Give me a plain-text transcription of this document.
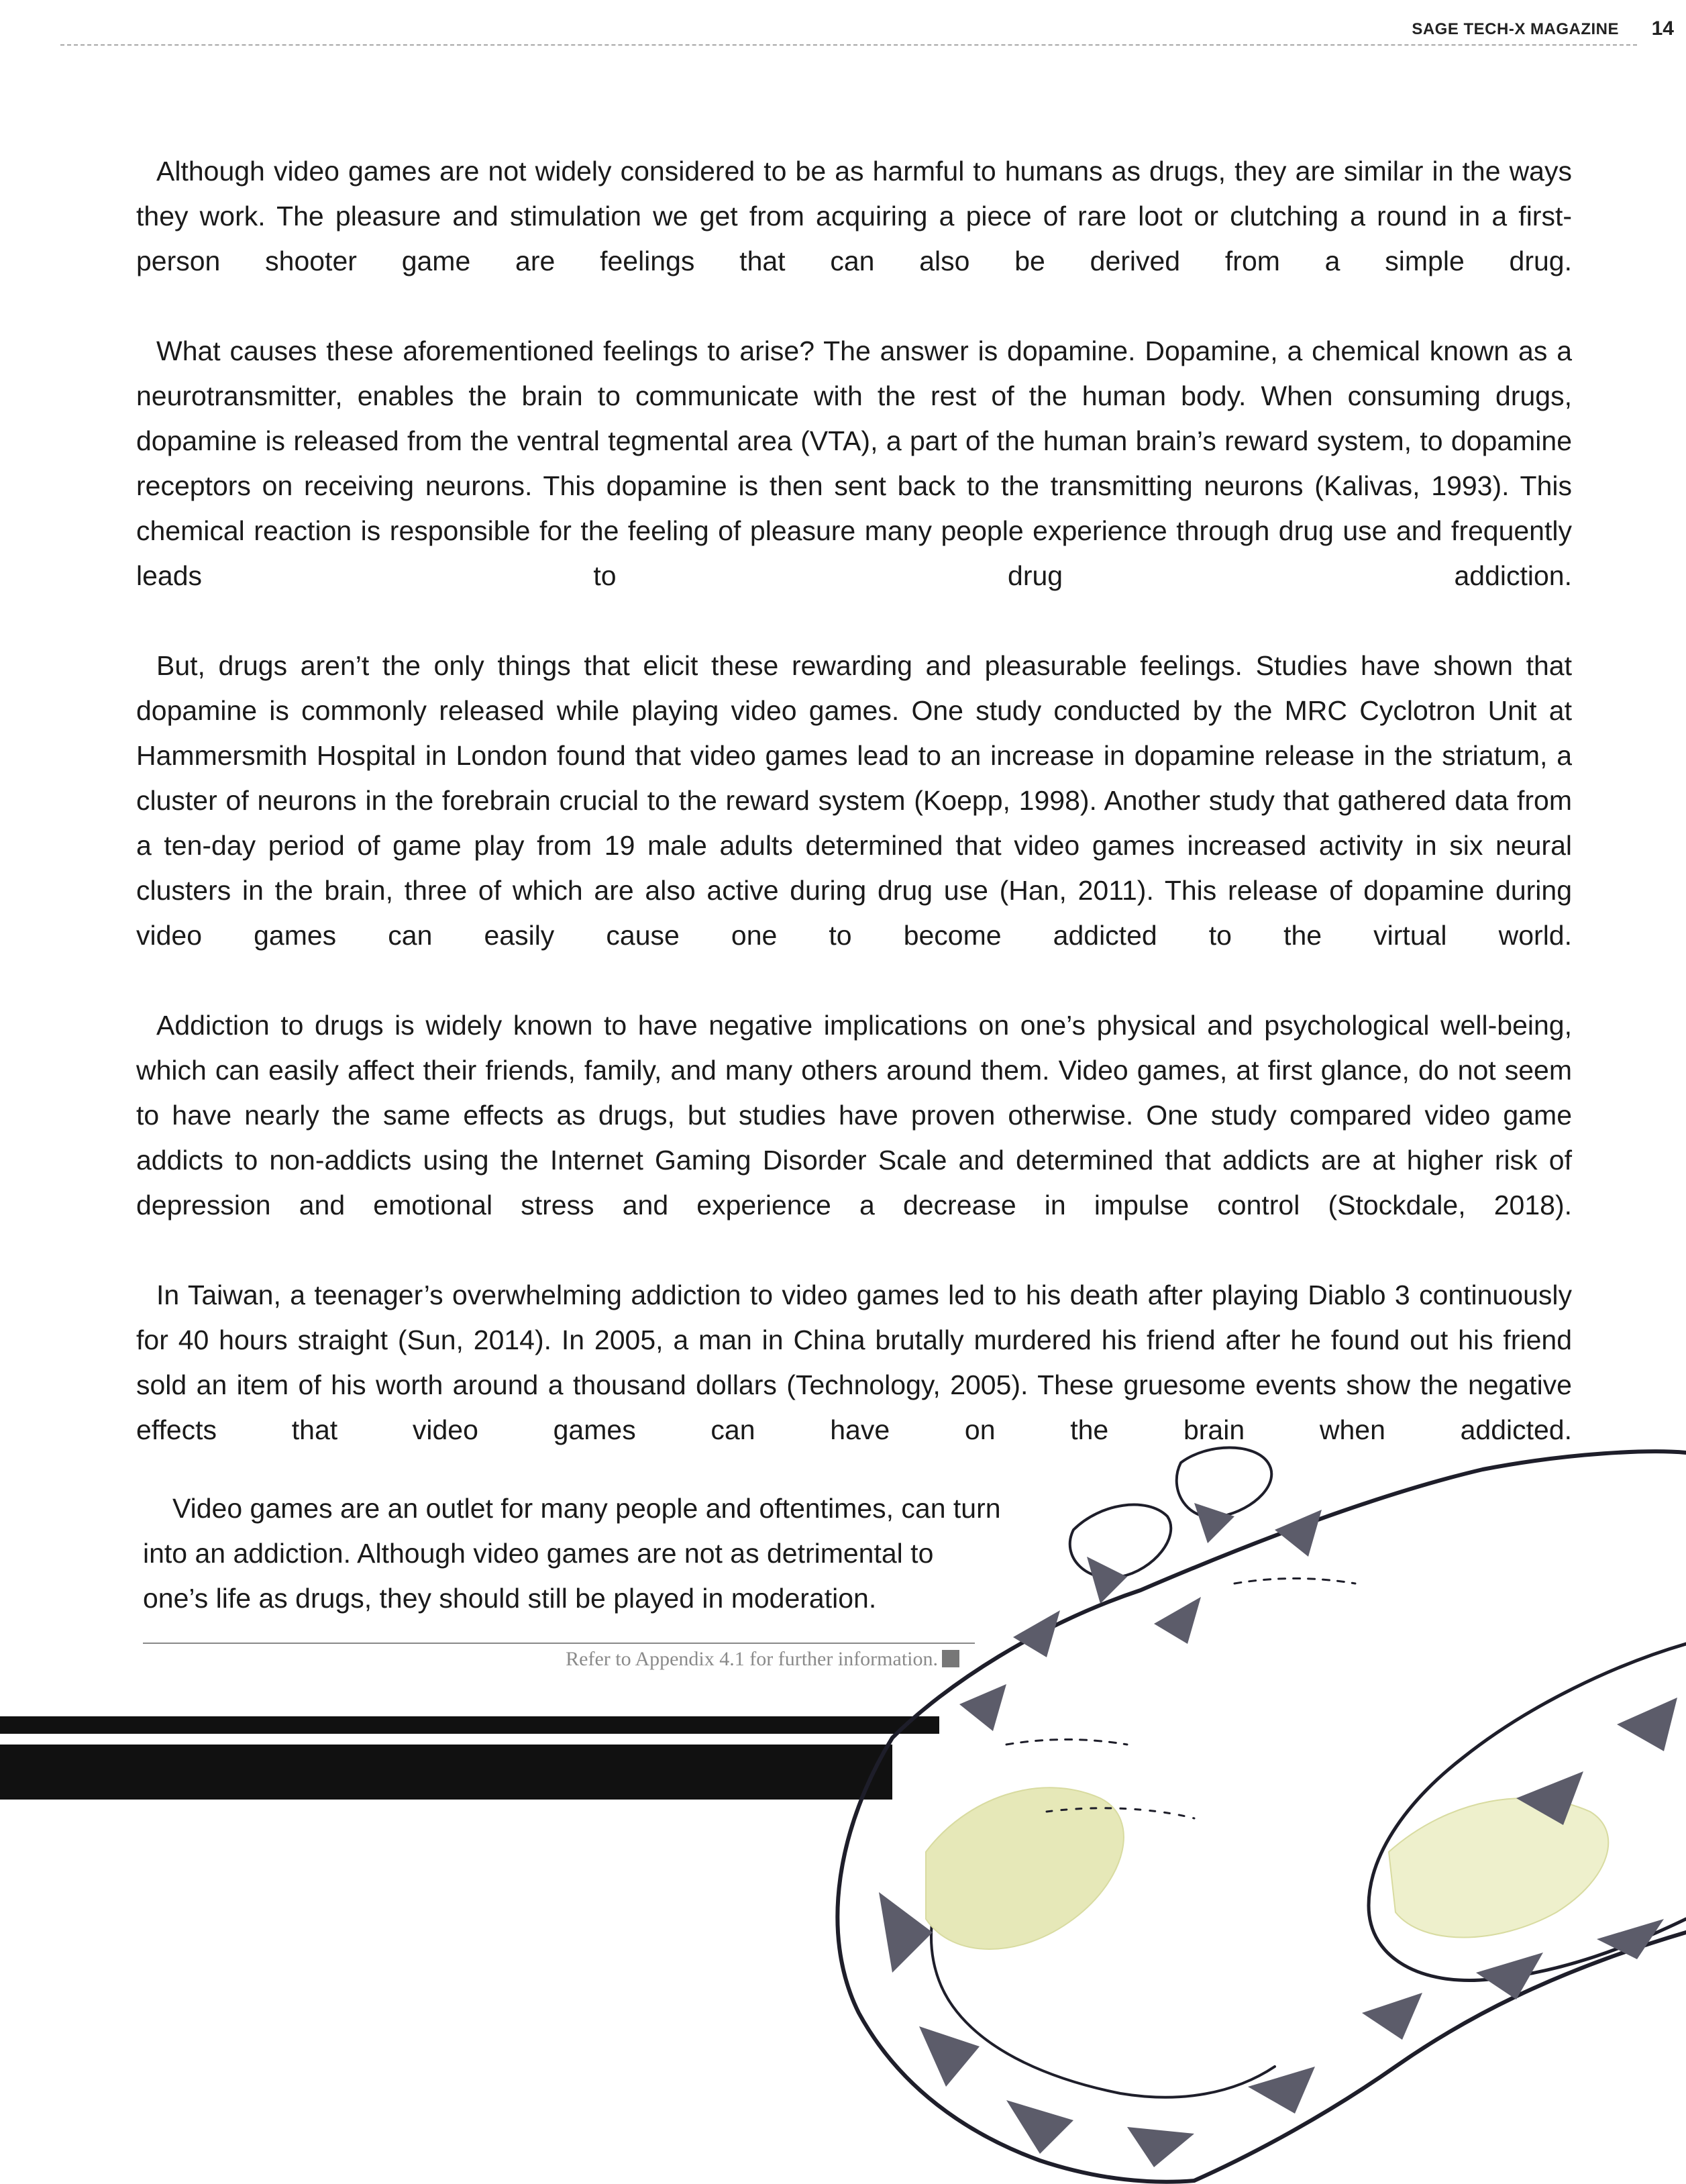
SAGE TECH-X MAGAZINE 14

Although video games are not widely considered to be as harmful to humans as drugs, they are similar in the ways they work. The pleasure and stimulation we get from acquiring a piece of rare loot or clutching a round in a first-person shooter game are feelings that can also be derived from a simple drug.

What causes these aforementioned feelings to arise? The answer is dopamine. Dopamine, a chemical known as a neurotransmitter, enables the brain to communicate with the rest of the human body. When consuming drugs, dopamine is released from the ventral tegmental area (VTA), a part of the human brain’s reward system, to dopamine receptors on receiving neurons. This dopamine is then sent back to the transmitting neurons (Kalivas, 1993). This chemical reaction is responsible for the feeling of pleasure many people experience through drug use and frequently leads to drug addiction.

But, drugs aren’t the only things that elicit these rewarding and pleasurable feelings. Studies have shown that dopamine is commonly released while playing video games. One study conducted by the MRC Cyclotron Unit at Hammersmith Hospital in London found that video games lead to an increase in dopamine release in the striatum, a cluster of neurons in the forebrain crucial to the reward system (Koepp, 1998). Another study that gathered data from a ten-day period of game play from 19 male adults determined that video games increased activity in six neural clusters in the brain, three of which are also active during drug use (Han, 2011). This release of dopamine during video games can easily cause one to become addicted to the virtual world.

Addiction to drugs is widely known to have negative implications on one’s physical and psychological well-being, which can easily affect their friends, family, and many others around them. Video games, at first glance, do not seem to have nearly the same effects as drugs, but studies have proven otherwise. One study compared video game addicts to non-addicts using the Internet Gaming Disorder Scale and determined that addicts are at higher risk of depression and emotional stress and experience a decrease in impulse control (Stockdale, 2018).

In Taiwan, a teenager’s overwhelming addiction to video games led to his death after playing Diablo 3 continuously for 40 hours straight (Sun, 2014). In 2005, a man in China brutally murdered his friend after he found out his friend sold an item of his worth around a thousand dollars (Technology, 2005). These gruesome events show the negative effects that video games can have on the brain when addicted.

Video games are an outlet for many people and oftentimes, can turn into an addiction. Although video games are not as detrimental to one’s life as drugs, they should still be played in moderation.

Refer to Appendix 4.1 for further information.
